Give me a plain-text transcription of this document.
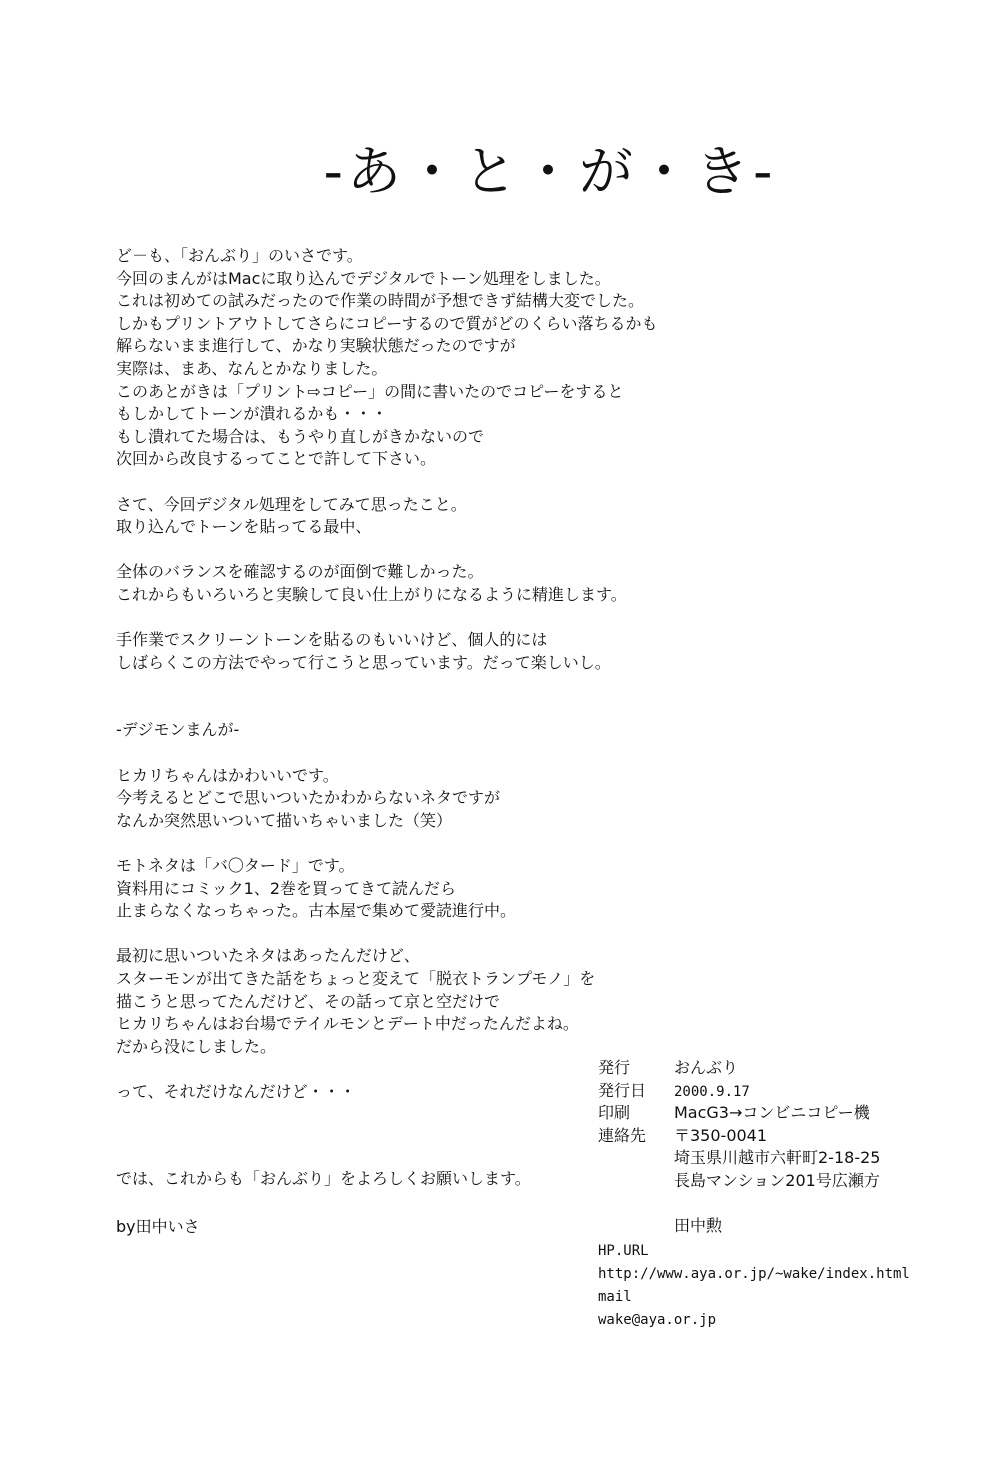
-あ・と・が・き-
ど－も、「おんぶり」のいさです。
今回のまんがはMacに取り込んでデジタルでトーン処理をしました。
これは初めての試みだったので作業の時間が予想できず結構大変でした。
しかもプリントアウトしてさらにコピーするので質がどのくらい落ちるかも
解らないまま進行して、かなり実験状態だったのですが
実際は、まあ、なんとかなりました。
このあとがきは「プリント⇨コピー」の間に書いたのでコピーをすると
もしかしてトーンが潰れるかも・・・
もし潰れてた場合は、もうやり直しがきかないので
次回から改良するってことで許して下さい。
さて、今回デジタル処理をしてみて思ったこと。
取り込んでトーンを貼ってる最中、
全体のバランスを確認するのが面倒で難しかった。
これからもいろいろと実験して良い仕上がりになるように精進します。
手作業でスクリーントーンを貼るのもいいけど、個人的には
しばらくこの方法でやって行こうと思っています。だって楽しいし。
-デジモンまんが-
ヒカリちゃんはかわいいです。
今考えるとどこで思いついたかわからないネタですが
なんか突然思いついて描いちゃいました（笑）
モトネタは「バ〇タード」です。
資料用にコミック1、2巻を買ってきて読んだら
止まらなくなっちゃった。古本屋で集めて愛読進行中。
最初に思いついたネタはあったんだけど、
スターモンが出てきた話をちょっと変えて「脱衣トランプモノ」を
描こうと思ってたんだけど、その話って京と空だけで
ヒカリちゃんはお台場でテイルモンとデート中だったんだよね。
だから没にしました。
って、それだけなんだけど・・・
では、これからも「おんぶり」をよろしくお願いします。
by田中いさ
発行	おんぶり
発行日 2000.9.17
印刷	MacG3→コンビニコピー機
連絡先 〒350-0041
埼玉県川越市六軒町2-18-25
長島マンション201号広瀬方
田中勲
HP.URL
http://www.aya.or.jp/~wake/index.html
mail
wake@aya.or.jp
